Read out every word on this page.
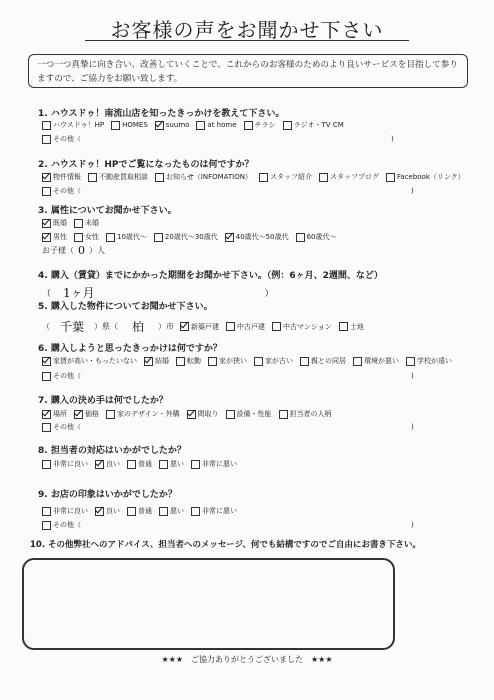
お客様の声をお聞かせ下さい
一つ一つ真摯に向き合い、改善していくことで、これからのお客様のためのより良いサービスを目指して参りますので、ご協力をお願い致します。
1. ハウスドゥ！南流山店を知ったきっかけを教えて下さい。
ハウスドゥ！HP	HOMES	suumo	at home	チラシ	ラジオ・TV CM
その他（	)
2. ハウスドゥ！HPでご覧になったものは何ですか？
物件情報	不動産買取相談	お知らせ（INFOMATION）	スタッフ紹介	スタッフブログ	Facebook（リンク）
その他（	)
3. 属性についてお聞かせ下さい。
既婚	未婚
男性	女性	10歳代～	20歳代～30歳代	40歳代～50歳代	60歳代～
お子様（ 0 ）人
4. 購入（賃貸）までにかかった期間をお聞かせ下さい。（例：6ヶ月、2週間、など）
（ 1ヶ月	）
5. 購入した物件についてお聞かせ下さい。
（ 千葉 ）県（ 柏 ）市 新築戸建	中古戸建	中古マンション	土地
6. 購入しようと思ったきっかけは何ですか？
家賃が高い・もったいない	結婚	転勤	家が狭い	家が古い	親との同居	環境が悪い	学校が遠い
その他（	)
7. 購入の決め手は何でしたか？
場所	価格	家のデザイン・外構	間取り	設備・性能	担当者の人柄
その他（	)
8. 担当者の対応はいかがでしたか？
非常に良い	良い	普通	悪い	非常に悪い
9. お店の印象はいかがでしたか？
非常に良い	良い	普通	悪い	非常に悪い
その他（	)
10. その他弊社へのアドバイス、担当者へのメッセージ、何でも結構ですのでご自由にお書き下さい。
★★★　ご協力ありがとうございました　★★★
